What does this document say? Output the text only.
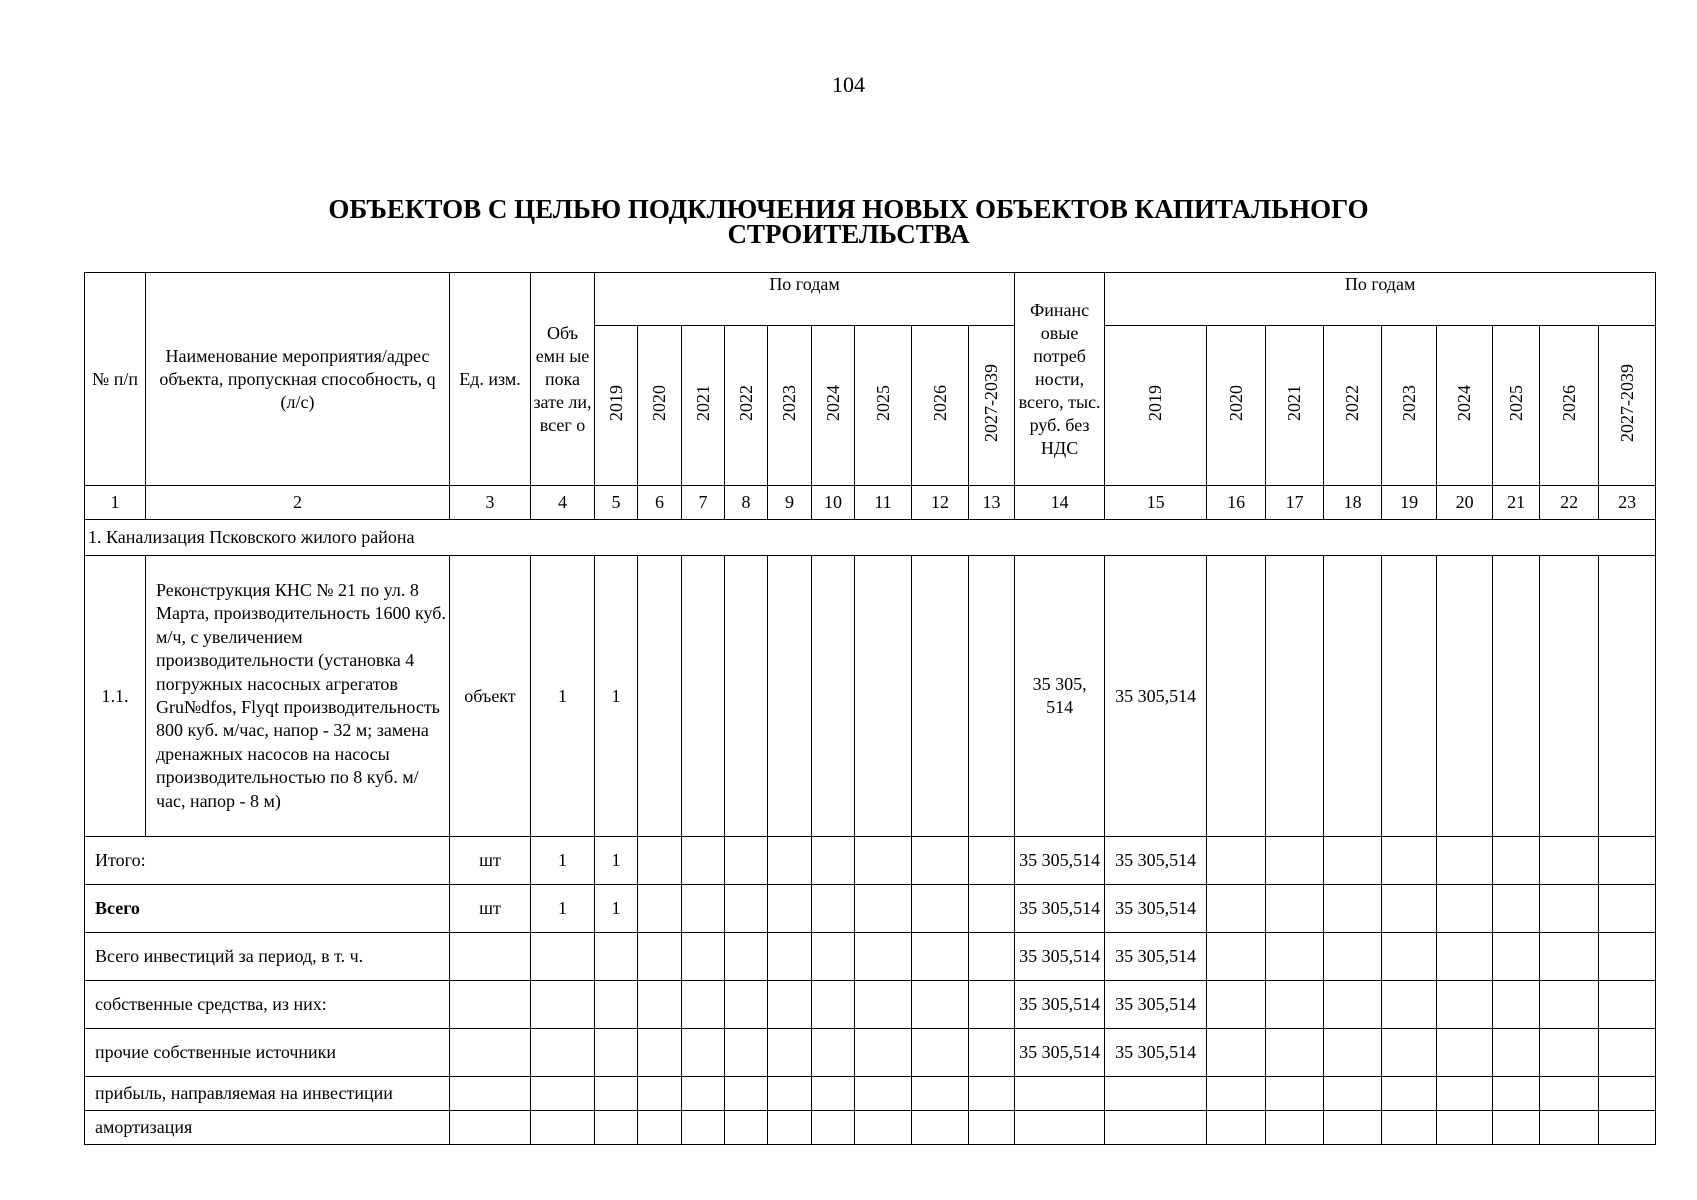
104
ОБЪЕКТОВ С ЦЕЛЬЮ ПОДКЛЮЧЕНИЯ НОВЫХ ОБЪЕКТОВ КАПИТАЛЬНОГО
СТРОИТЕЛЬСТВА
№ п/п	Наименование мероприятия/адрес объекта, пропускная способность, q (л/с)	Ед. изм.	Объ емн ые пока зате ли, всег о	По годам									Финанс овые потреб ности, всего, тыс. руб. без НДС	По годам								
				2019	2020	2021	2022	2023	2024	2025	2026	2027-2039		2019	2020	2021	2022	2023	2024	2025	2026	2027-2039
1	2	3	4	5	6	7	8	9	10	11	12	13	14	15	16	17	18	19	20	21	22	23
1. Канализация Псковского жилого района																						
1.1.	Реконструкция КНС № 21 по ул. 8 Марта, производительность 1600 куб. м/ч, с увеличением производительности (установка 4 погружных насосных агрегатов Gru№dfos, Flyqt производительность 800 куб. м/час, напор - 32 м; замена дренажных насосов на насосы производительностью по 8 куб. м/час, напор - 8 м)	объект	1	1									35 305, 514	35 305,514								
Итого:		шт	1	1									35 305,514	35 305,514								
Всего		шт	1	1									35 305,514	35 305,514								
Всего инвестиций за период, в т. ч.													35 305,514	35 305,514								
собственные средства, из них:													35 305,514	35 305,514								
прочие собственные источники													35 305,514	35 305,514								
прибыль, направляемая на инвестиции																						
амортизация																						
